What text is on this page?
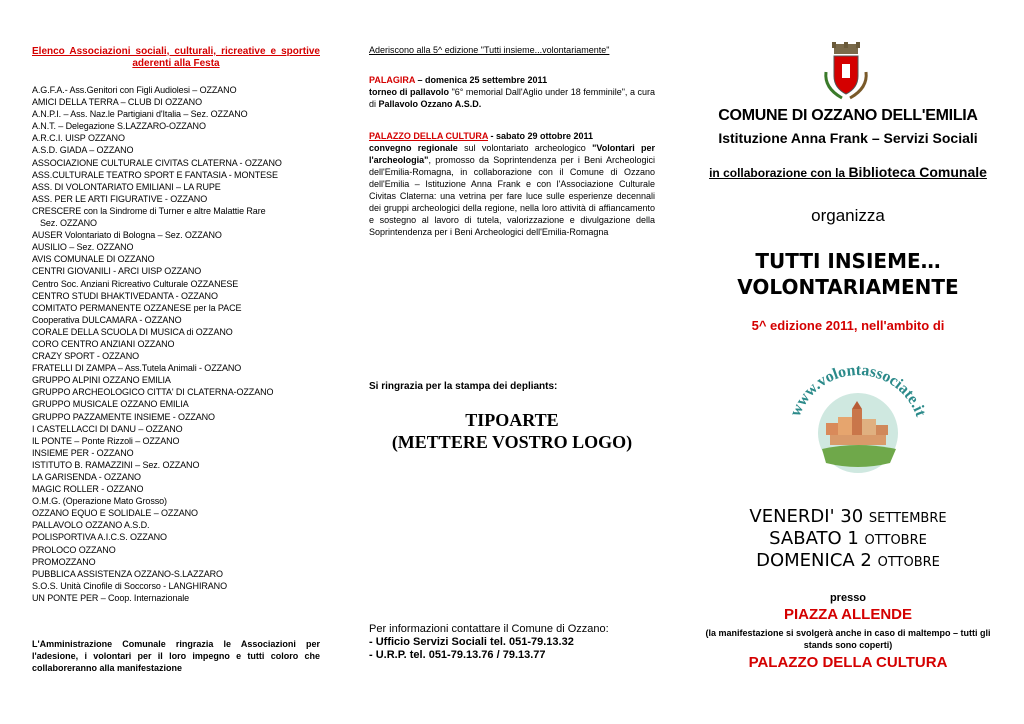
Elenco Associazioni sociali, culturali, ricreative e sportive aderenti alla Festa
A.G.F.A.- Ass.Genitori con Figli Audiolesi – OZZANO
AMICI DELLA TERRA – CLUB DI OZZANO
A.N.P.I. – Ass. Naz.le Partigiani d'Italia – Sez. OZZANO
A.N.T. – Delegazione S.LAZZARO-OZZANO
A.R.C.I. UISP OZZANO
A.S.D. GIADA – OZZANO
ASSOCIAZIONE CULTURALE CIVITAS CLATERNA - OZZANO
ASS.CULTURALE TEATRO SPORT E FANTASIA - MONTESE
ASS. DI VOLONTARIATO EMILIANI – LA RUPE
ASS. PER LE ARTI FIGURATIVE - OZZANO
CRESCERE con la Sindrome di Turner e altre Malattie Rare
Sez. OZZANO
AUSER Volontariato di Bologna – Sez. OZZANO
AUSILIO – Sez. OZZANO
AVIS COMUNALE DI OZZANO
CENTRI GIOVANILI - ARCI UISP OZZANO
Centro Soc. Anziani Ricreativo Culturale OZZANESE
CENTRO STUDI BHAKTIVEDANTA - OZZANO
COMITATO PERMANENTE OZZANESE per la PACE
Cooperativa DULCAMARA - OZZANO
CORALE DELLA SCUOLA DI MUSICA di OZZANO
CORO CENTRO ANZIANI OZZANO
CRAZY SPORT - OZZANO
FRATELLI DI ZAMPA – Ass.Tutela Animali - OZZANO
GRUPPO ALPINI OZZANO EMILIA
GRUPPO ARCHEOLOGICO CITTA' DI CLATERNA-OZZANO
GRUPPO MUSICALE OZZANO EMILIA
GRUPPO PAZZAMENTE INSIEME - OZZANO
I CASTELLACCI DI DANU – OZZANO
IL PONTE – Ponte Rizzoli – OZZANO
INSIEME PER - OZZANO
ISTITUTO B. RAMAZZINI – Sez. OZZANO
LA GARISENDA - OZZANO
MAGIC ROLLER - OZZANO
O.M.G. (Operazione Mato Grosso)
OZZANO EQUO E SOLIDALE – OZZANO
PALLAVOLO OZZANO A.S.D.
POLISPORTIVA A.I.C.S. OZZANO
PROLOCO OZZANO
PROMOZZANO
PUBBLICA ASSISTENZA OZZANO-S.LAZZARO
S.O.S. Unità Cinofile di Soccorso - LANGHIRANO
UN PONTE PER – Coop. Internazionale
L'Amministrazione Comunale ringrazia le Associazioni per l'adesione, i volontari per il loro impegno e tutti coloro che collaboreranno alla manifestazione
Aderiscono alla 5^ edizione "Tutti insieme...volontariamente"
PALAGIRA – domenica 25 settembre 2011
torneo di pallavolo "6° memorial Dall'Aglio under 18 femminile", a cura di Pallavolo Ozzano A.S.D.
PALAZZO DELLA CULTURA - sabato 29 ottobre 2011
convegno regionale sul volontariato archeologico "Volontari per l'archeologia", promosso da Soprintendenza per i Beni Archeologici dell'Emilia-Romagna, in collaborazione con il Comune di Ozzano dell'Emilia – Istituzione Anna Frank e con l'Associazione Culturale Civitas Claterna: una vetrina per fare luce sulle esperienze decennali dei gruppi archeologici della regione, nella loro attività di affiancamento e sostegno al lavoro di tutela, valorizzazione e divulgazione della Soprintendenza per i Beni Archeologici dell'Emilia-Romagna
Si ringrazia per la stampa dei depliants:
TIPOARTE
(METTERE VOSTRO LOGO)
Per informazioni contattare il Comune di Ozzano:
- Ufficio Servizi Sociali tel. 051-79.13.32
- U.R.P. tel. 051-79.13.76 / 79.13.77
COMUNE DI OZZANO DELL'EMILIA
Istituzione Anna Frank – Servizi Sociali
in collaborazione con la Biblioteca Comunale
organizza
TUTTI INSIEME…
VOLONTARIAMENTE
5^ edizione 2011, nell'ambito di
www.volontassociate.it
VENERDI' 30 settembre
SABATO 1 ottobre
DOMENICA 2 ottobre
presso
PIAZZA ALLENDE
(la manifestazione si svolgerà anche in caso di maltempo – tutti gli stands sono coperti)
PALAZZO DELLA CULTURA
